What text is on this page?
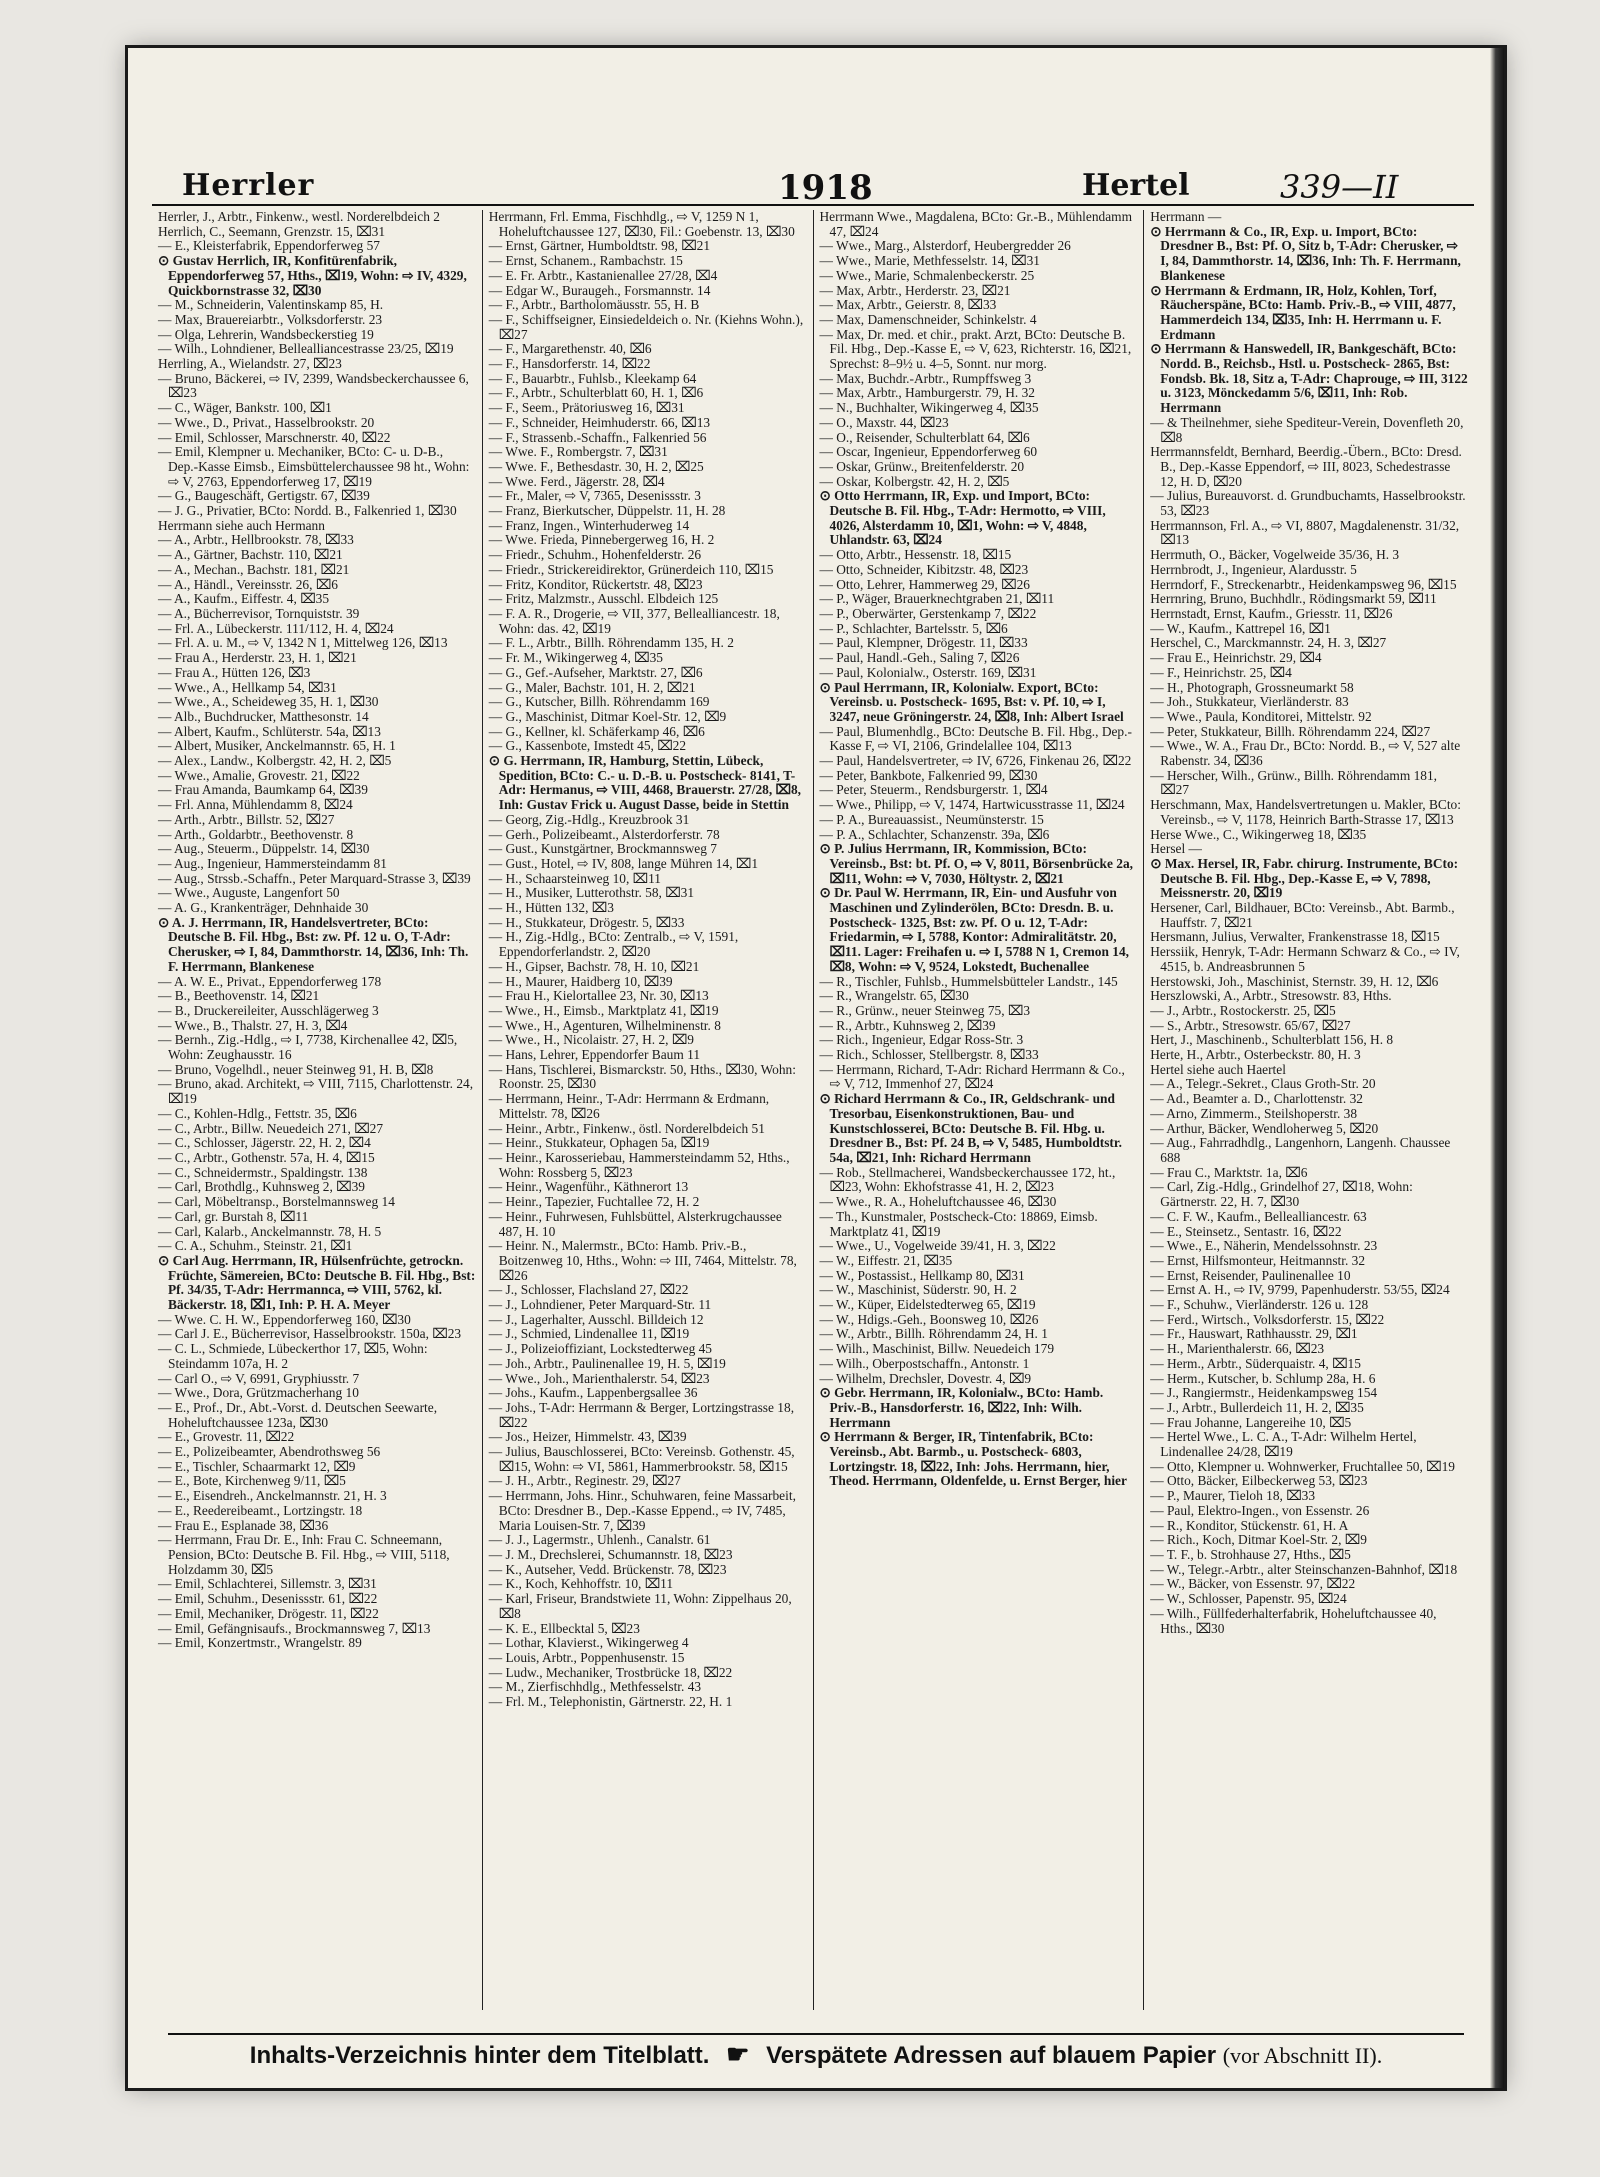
Herrler	1918	Hertel	339—II

Herrler, J., Arbtr., Finkenw., westl. Norderelbdeich 2

Herrlich, C., Seemann, Grenzstr. 15, ⌧31

— E., Kleisterfabrik, Eppendorferweg 57

⊙ Gustav Herrlich, IR, Konfitürenfabrik, Eppendorferweg 57, Hths., ⌧19, Wohn: ⇨ IV, 4329, Quickbornstrasse 32, ⌧30

— M., Schneiderin, Valentinskamp 85, H.

— Max, Brauereiarbtr., Volksdorferstr. 23

— Olga, Lehrerin, Wandsbeckerstieg 19

— Wilh., Lohndiener, Bellealliancestrasse 23/25, ⌧19

Herrling, A., Wielandstr. 27, ⌧23

— Bruno, Bäckerei, ⇨ IV, 2399, Wandsbeckerchaussee 6, ⌧23

— C., Wäger, Bankstr. 100, ⌧1

— Wwe., D., Privat., Hasselbrookstr. 20

— Emil, Schlosser, Marschnerstr. 40, ⌧22

— Emil, Klempner u. Mechaniker, BCto: C- u. D-B., Dep.-Kasse Eimsb., Eimsbüttelerchaussee 98 ht., Wohn: ⇨ V, 2763, Eppendorferweg 17, ⌧19

— G., Baugeschäft, Gertigstr. 67, ⌧39

— J. G., Privatier, BCto: Nordd. B., Falkenried 1, ⌧30

Herrmann siehe auch Hermann

— A., Arbtr., Hellbrookstr. 78, ⌧33

— A., Gärtner, Bachstr. 110, ⌧21

— A., Mechan., Bachstr. 181, ⌧21

— A., Händl., Vereinsstr. 26, ⌧6

— A., Kaufm., Eiffestr. 4, ⌧35

— A., Bücherrevisor, Tornquiststr. 39

— Frl. A., Lübeckerstr. 111/112, H. 4, ⌧24

— Frl. A. u. M., ⇨ V, 1342 N 1, Mittelweg 126, ⌧13

— Frau A., Herderstr. 23, H. 1, ⌧21

— Frau A., Hütten 126, ⌧3

— Wwe., A., Hellkamp 54, ⌧31

— Wwe., A., Scheideweg 35, H. 1, ⌧30

— Alb., Buchdrucker, Matthesonstr. 14

— Albert, Kaufm., Schlüterstr. 54a, ⌧13

— Albert, Musiker, Anckelmannstr. 65, H. 1

— Alex., Landw., Kolbergstr. 42, H. 2, ⌧5

— Wwe., Amalie, Grovestr. 21, ⌧22

— Frau Amanda, Baumkamp 64, ⌧39

— Frl. Anna, Mühlendamm 8, ⌧24

— Arth., Arbtr., Billstr. 52, ⌧27

— Arth., Goldarbtr., Beethovenstr. 8

— Aug., Steuerm., Düppelstr. 14, ⌧30

— Aug., Ingenieur, Hammersteindamm 81

— Aug., Strssb.-Schaffn., Peter Marquard-Strasse 3, ⌧39

— Wwe., Auguste, Langenfort 50

— A. G., Krankenträger, Dehnhaide 30

⊙ A. J. Herrmann, IR, Handelsvertreter, BCto: Deutsche B. Fil. Hbg., Bst: zw. Pf. 12 u. O, T-Adr: Cherusker, ⇨ I, 84, Dammthorstr. 14, ⌧36, Inh: Th. F. Herrmann, Blankenese

— A. W. E., Privat., Eppendorferweg 178

— B., Beethovenstr. 14, ⌧21

— B., Druckereileiter, Ausschlägerweg 3

— Wwe., B., Thalstr. 27, H. 3, ⌧4

— Bernh., Zig.-Hdlg., ⇨ I, 7738, Kirchenallee 42, ⌧5, Wohn: Zeughausstr. 16

— Bruno, Vogelhdl., neuer Steinweg 91, H. B, ⌧8

— Bruno, akad. Architekt, ⇨ VIII, 7115, Charlottenstr. 24, ⌧19

— C., Kohlen-Hdlg., Fettstr. 35, ⌧6

— C., Arbtr., Billw. Neuedeich 271, ⌧27

— C., Schlosser, Jägerstr. 22, H. 2, ⌧4

— C., Arbtr., Gothenstr. 57a, H. 4, ⌧15

— C., Schneidermstr., Spaldingstr. 138

— Carl, Brothdlg., Kuhnsweg 2, ⌧39

— Carl, Möbeltransp., Borstelmannsweg 14

— Carl, gr. Burstah 8, ⌧11

— Carl, Kalarb., Anckelmannstr. 78, H. 5

— C. A., Schuhm., Steinstr. 21, ⌧1

⊙ Carl Aug. Herrmann, IR, Hülsenfrüchte, getrockn. Früchte, Sämereien, BCto: Deutsche B. Fil. Hbg., Bst: Pf. 34/35, T-Adr: Herrmannca, ⇨ VIII, 5762, kl. Bäckerstr. 18, ⌧1, Inh: P. H. A. Meyer

— Wwe. C. H. W., Eppendorferweg 160, ⌧30

— Carl J. E., Bücherrevisor, Hasselbrookstr. 150a, ⌧23

— C. L., Schmiede, Lübeckerthor 17, ⌧5, Wohn: Steindamm 107a, H. 2

— Carl O., ⇨ V, 6991, Gryphiusstr. 7

— Wwe., Dora, Grützmacherhang 10

— E., Prof., Dr., Abt.-Vorst. d. Deutschen Seewarte, Hoheluftchaussee 123a, ⌧30

— E., Grovestr. 11, ⌧22

— E., Polizeibeamter, Abendrothsweg 56

— E., Tischler, Schaarmarkt 12, ⌧9

— E., Bote, Kirchenweg 9/11, ⌧5

— E., Eisendreh., Anckelmannstr. 21, H. 3

— E., Reedereibeamt., Lortzingstr. 18

— Frau E., Esplanade 38, ⌧36

— Herrmann, Frau Dr. E., Inh: Frau C. Schneemann, Pension, BCto: Deutsche B. Fil. Hbg., ⇨ VIII, 5118, Holzdamm 30, ⌧5

— Emil, Schlachterei, Sillemstr. 3, ⌧31

— Emil, Schuhm., Desenissstr. 61, ⌧22

— Emil, Mechaniker, Drögestr. 11, ⌧22

— Emil, Gefängnisaufs., Brockmannsweg 7, ⌧13

— Emil, Konzertmstr., Wrangelstr. 89

Herrmann, Frl. Emma, Fischhdlg., ⇨ V, 1259 N 1, Hoheluftchaussee 127, ⌧30, Fil.: Goebenstr. 13, ⌧30

— Ernst, Gärtner, Humboldtstr. 98, ⌧21

— Ernst, Schanem., Rambachstr. 15

— E. Fr. Arbtr., Kastanienallee 27/28, ⌧4

— Edgar W., Buraugeh., Forsmannstr. 14

— F., Arbtr., Bartholomäusstr. 55, H. B

— F., Schiffseigner, Einsiedeldeich o. Nr. (Kiehns Wohn.), ⌧27

— F., Margarethenstr. 40, ⌧6

— F., Hansdorferstr. 14, ⌧22

— F., Bauarbtr., Fuhlsb., Kleekamp 64

— F., Arbtr., Schulterblatt 60, H. 1, ⌧6

— F., Seem., Prätoriusweg 16, ⌧31

— F., Schneider, Heimhuderstr. 66, ⌧13

— F., Strassenb.-Schaffn., Falkenried 56

— Wwe. F., Rombergstr. 7, ⌧31

— Wwe. F., Bethesdastr. 30, H. 2, ⌧25

— Wwe. Ferd., Jägerstr. 28, ⌧4

— Fr., Maler, ⇨ V, 7365, Desenissstr. 3

— Franz, Bierkutscher, Düppelstr. 11, H. 28

— Franz, Ingen., Winterhuderweg 14

— Wwe. Frieda, Pinnebergerweg 16, H. 2

— Friedr., Schuhm., Hohenfelderstr. 26

— Friedr., Strickereidirektor, Grünerdeich 110, ⌧15

— Fritz, Konditor, Rückertstr. 48, ⌧23

— Fritz, Malzmstr., Ausschl. Elbdeich 125

— F. A. R., Drogerie, ⇨ VII, 377, Bellealliancestr. 18, Wohn: das. 42, ⌧19

— F. L., Arbtr., Billh. Röhrendamm 135, H. 2

— Fr. M., Wikingerweg 4, ⌧35

— G., Gef.-Aufseher, Marktstr. 27, ⌧6

— G., Maler, Bachstr. 101, H. 2, ⌧21

— G., Kutscher, Billh. Röhrendamm 169

— G., Maschinist, Ditmar Koel-Str. 12, ⌧9

— G., Kellner, kl. Schäferkamp 46, ⌧6

— G., Kassenbote, Imstedt 45, ⌧22

⊙ G. Herrmann, IR, Hamburg, Stettin, Lübeck, Spedition, BCto: C.- u. D.-B. u. Postscheck- 8141, T-Adr: Hermanus, ⇨ VIII, 4468, Brauerstr. 27/28, ⌧8, Inh: Gustav Frick u. August Dasse, beide in Stettin

— Georg, Zig.-Hdlg., Kreuzbrook 31

— Gerh., Polizeibeamt., Alsterdorferstr. 78

— Gust., Kunstgärtner, Brockmannsweg 7

— Gust., Hotel, ⇨ IV, 808, lange Mühren 14, ⌧1

— H., Schaarsteinweg 10, ⌧11

— H., Musiker, Lutterothstr. 58, ⌧31

— H., Hütten 132, ⌧3

— H., Stukkateur, Drögestr. 5, ⌧33

— H., Zig.-Hdlg., BCto: Zentralb., ⇨ V, 1591, Eppendorferlandstr. 2, ⌧20

— H., Gipser, Bachstr. 78, H. 10, ⌧21

— H., Maurer, Haidberg 10, ⌧39

— Frau H., Kielortallee 23, Nr. 30, ⌧13

— Wwe., H., Eimsb., Marktplatz 41, ⌧19

— Wwe., H., Agenturen, Wilhelminenstr. 8

— Wwe., H., Nicolaistr. 27, H. 2, ⌧9

— Hans, Lehrer, Eppendorfer Baum 11

— Hans, Tischlerei, Bismarckstr. 50, Hths., ⌧30, Wohn: Roonstr. 25, ⌧30

— Herrmann, Heinr., T-Adr: Herrmann & Erdmann, Mittelstr. 78, ⌧26

— Heinr., Arbtr., Finkenw., östl. Norderelbdeich 51

— Heinr., Stukkateur, Ophagen 5a, ⌧19

— Heinr., Karosseriebau, Hammersteindamm 52, Hths., Wohn: Rossberg 5, ⌧23

— Heinr., Wagenführ., Käthnerort 13

— Heinr., Tapezier, Fuchtallee 72, H. 2

— Heinr., Fuhrwesen, Fuhlsbüttel, Alsterkrugchaussee 487, H. 10

— Heinr. N., Malermstr., BCto: Hamb. Priv.-B., Boitzenweg 10, Hths., Wohn: ⇨ III, 7464, Mittelstr. 78, ⌧26

— J., Schlosser, Flachsland 27, ⌧22

— J., Lohndiener, Peter Marquard-Str. 11

— J., Lagerhalter, Ausschl. Billdeich 12

— J., Schmied, Lindenallee 11, ⌧19

— J., Polizeioffiziant, Lockstedterweg 45

— Joh., Arbtr., Paulinenallee 19, H. 5, ⌧19

— Wwe., Joh., Marienthalerstr. 54, ⌧23

— Johs., Kaufm., Lappenbergsallee 36

— Johs., T-Adr: Herrmann & Berger, Lortzingstrasse 18, ⌧22

— Jos., Heizer, Himmelstr. 43, ⌧39

— Julius, Bauschlosserei, BCto: Vereinsb. Gothenstr. 45, ⌧15, Wohn: ⇨ VI, 5861, Hammerbrookstr. 58, ⌧15

— J. H., Arbtr., Reginestr. 29, ⌧27

— Herrmann, Johs. Hinr., Schuhwaren, feine Massarbeit, BCto: Dresdner B., Dep.-Kasse Eppend., ⇨ IV, 7485, Maria Louisen-Str. 7, ⌧39

— J. J., Lagermstr., Uhlenh., Canalstr. 61

— J. M., Drechslerei, Schumannstr. 18, ⌧23

— K., Autseher, Vedd. Brückenstr. 78, ⌧23

— K., Koch, Kehhoffstr. 10, ⌧11

— Karl, Friseur, Brandstwiete 11, Wohn: Zippelhaus 20, ⌧8

— K. E., Ellbecktal 5, ⌧23

— Lothar, Klavierst., Wikingerweg 4

— Louis, Arbtr., Poppenhusenstr. 15

— Ludw., Mechaniker, Trostbrücke 18, ⌧22

— M., Zierfischhdlg., Methfesselstr. 43

— Frl. M., Telephonistin, Gärtnerstr. 22, H. 1

Herrmann Wwe., Magdalena, BCto: Gr.-B., Mühlendamm 47, ⌧24

— Wwe., Marg., Alsterdorf, Heubergredder 26

— Wwe., Marie, Methfesselstr. 14, ⌧31

— Wwe., Marie, Schmalenbeckerstr. 25

— Max, Arbtr., Herderstr. 23, ⌧21

— Max, Arbtr., Geierstr. 8, ⌧33

— Max, Damenschneider, Schinkelstr. 4

— Max, Dr. med. et chir., prakt. Arzt, BCto: Deutsche B. Fil. Hbg., Dep.-Kasse E, ⇨ V, 623, Richterstr. 16, ⌧21, Sprechst: 8–9½ u. 4–5, Sonnt. nur morg.

— Max, Buchdr.-Arbtr., Rumpffsweg 3

— Max, Arbtr., Hamburgerstr. 79, H. 32

— N., Buchhalter, Wikingerweg 4, ⌧35

— O., Maxstr. 44, ⌧23

— O., Reisender, Schulterblatt 64, ⌧6

— Oscar, Ingenieur, Eppendorferweg 60

— Oskar, Grünw., Breitenfelderstr. 20

— Oskar, Kolbergstr. 42, H. 2, ⌧5

⊙ Otto Herrmann, IR, Exp. und Import, BCto: Deutsche B. Fil. Hbg., T-Adr: Hermotto, ⇨ VIII, 4026, Alsterdamm 10, ⌧1, Wohn: ⇨ V, 4848, Uhlandstr. 63, ⌧24

— Otto, Arbtr., Hessenstr. 18, ⌧15

— Otto, Schneider, Kibitzstr. 48, ⌧23

— Otto, Lehrer, Hammerweg 29, ⌧26

— P., Wäger, Brauerknechtgraben 21, ⌧11

— P., Oberwärter, Gerstenkamp 7, ⌧22

— P., Schlachter, Bartelsstr. 5, ⌧6

— Paul, Klempner, Drögestr. 11, ⌧33

— Paul, Handl.-Geh., Saling 7, ⌧26

— Paul, Kolonialw., Osterstr. 169, ⌧31

⊙ Paul Herrmann, IR, Kolonialw. Export, BCto: Vereinsb. u. Postscheck- 1695, Bst: v. Pf. 10, ⇨ I, 3247, neue Gröningerstr. 24, ⌧8, Inh: Albert Israel

— Paul, Blumenhdlg., BCto: Deutsche B. Fil. Hbg., Dep.-Kasse F, ⇨ VI, 2106, Grindelallee 104, ⌧13

— Paul, Handelsvertreter, ⇨ IV, 6726, Finkenau 26, ⌧22

— Peter, Bankbote, Falkenried 99, ⌧30

— Peter, Steuerm., Rendsburgerstr. 1, ⌧4

— Wwe., Philipp, ⇨ V, 1474, Hartwicusstrasse 11, ⌧24

— P. A., Bureauassist., Neumünsterstr. 15

— P. A., Schlachter, Schanzenstr. 39a, ⌧6

⊙ P. Julius Herrmann, IR, Kommission, BCto: Vereinsb., Bst: bt. Pf. O, ⇨ V, 8011, Börsenbrücke 2a, ⌧11, Wohn: ⇨ V, 7030, Höltystr. 2, ⌧21

⊙ Dr. Paul W. Herrmann, IR, Ein- und Ausfuhr von Maschinen und Zylinderölen, BCto: Dresdn. B. u. Postscheck- 1325, Bst: zw. Pf. O u. 12, T-Adr: Friedarmin, ⇨ I, 5788, Kontor: Admiralitätstr. 20, ⌧11. Lager: Freihafen u. ⇨ I, 5788 N 1, Cremon 14, ⌧8, Wohn: ⇨ V, 9524, Lokstedt, Buchenallee

— R., Tischler, Fuhlsb., Hummelsbütteler Landstr., 145

— R., Wrangelstr. 65, ⌧30

— R., Grünw., neuer Steinweg 75, ⌧3

— R., Arbtr., Kuhnsweg 2, ⌧39

— Rich., Ingenieur, Edgar Ross-Str. 3

— Rich., Schlosser, Stellbergstr. 8, ⌧33

— Herrmann, Richard, T-Adr: Richard Herrmann & Co., ⇨ V, 712, Immenhof 27, ⌧24

⊙ Richard Herrmann & Co., IR, Geldschrank- und Tresorbau, Eisenkonstruktionen, Bau- und Kunstschlosserei, BCto: Deutsche B. Fil. Hbg. u. Dresdner B., Bst: Pf. 24 B, ⇨ V, 5485, Humboldtstr. 54a, ⌧21, Inh: Richard Herrmann

— Rob., Stellmacherei, Wandsbeckerchaussee 172, ht., ⌧23, Wohn: Ekhofstrasse 41, H. 2, ⌧23

— Wwe., R. A., Hoheluftchaussee 46, ⌧30

— Th., Kunstmaler, Postscheck-Cto: 18869, Eimsb. Marktplatz 41, ⌧19

— Wwe., U., Vogelweide 39/41, H. 3, ⌧22

— W., Eiffestr. 21, ⌧35

— W., Postassist., Hellkamp 80, ⌧31

— W., Maschinist, Süderstr. 90, H. 2

— W., Küper, Eidelstedterweg 65, ⌧19

— W., Hdigs.-Geh., Boonsweg 10, ⌧26

— W., Arbtr., Billh. Röhrendamm 24, H. 1

— Wilh., Maschinist, Billw. Neuedeich 179

— Wilh., Oberpostschaffn., Antonstr. 1

— Wilhelm, Drechsler, Dovestr. 4, ⌧9

⊙ Gebr. Herrmann, IR, Kolonialw., BCto: Hamb. Priv.-B., Hansdorferstr. 16, ⌧22, Inh: Wilh. Herrmann

⊙ Herrmann & Berger, IR, Tintenfabrik, BCto: Vereinsb., Abt. Barmb., u. Postscheck- 6803, Lortzingstr. 18, ⌧22, Inh: Johs. Herrmann, hier, Theod. Herrmann, Oldenfelde, u. Ernst Berger, hier

Herrmann —

⊙ Herrmann & Co., IR, Exp. u. Import, BCto: Dresdner B., Bst: Pf. O, Sitz b, T-Adr: Cherusker, ⇨ I, 84, Dammthorstr. 14, ⌧36, Inh: Th. F. Herrmann, Blankenese

⊙ Herrmann & Erdmann, IR, Holz, Kohlen, Torf, Räucherspäne, BCto: Hamb. Priv.-B., ⇨ VIII, 4877, Hammerdeich 134, ⌧35, Inh: H. Herrmann u. F. Erdmann

⊙ Herrmann & Hanswedell, IR, Bankgeschäft, BCto: Nordd. B., Reichsb., Hstl. u. Postscheck- 2865, Bst: Fondsb. Bk. 18, Sitz a, T-Adr: Chaprouge, ⇨ III, 3122 u. 3123, Mönckedamm 5/6, ⌧11, Inh: Rob. Herrmann

— & Theilnehmer, siehe Spediteur-Verein, Dovenfleth 20, ⌧8

Herrmannsfeldt, Bernhard, Beerdig.-Übern., BCto: Dresd. B., Dep.-Kasse Eppendorf, ⇨ III, 8023, Schedestrasse 12, H. D, ⌧20

— Julius, Bureauvorst. d. Grundbuchamts, Hasselbrookstr. 53, ⌧23

Herrmannson, Frl. A., ⇨ VI, 8807, Magdalenenstr. 31/32, ⌧13

Herrmuth, O., Bäcker, Vogelweide 35/36, H. 3

Herrnbrodt, J., Ingenieur, Alardusstr. 5

Herrndorf, F., Streckenarbtr., Heidenkampsweg 96, ⌧15

Herrnring, Bruno, Buchhdlr., Rödingsmarkt 59, ⌧11

Herrnstadt, Ernst, Kaufm., Griesstr. 11, ⌧26

— W., Kaufm., Kattrepel 16, ⌧1

Herschel, C., Marckmannstr. 24, H. 3, ⌧27

— Frau E., Heinrichstr. 29, ⌧4

— F., Heinrichstr. 25, ⌧4

— H., Photograph, Grossneumarkt 58

— Joh., Stukkateur, Vierländerstr. 83

— Wwe., Paula, Konditorei, Mittelstr. 92

— Peter, Stukkateur, Billh. Röhrendamm 224, ⌧27

— Wwe., W. A., Frau Dr., BCto: Nordd. B., ⇨ V, 527 alte Rabenstr. 34, ⌧36

— Herscher, Wilh., Grünw., Billh. Röhrendamm 181, ⌧27

Herschmann, Max, Handelsvertretungen u. Makler, BCto: Vereinsb., ⇨ V, 1178, Heinrich Barth-Strasse 17, ⌧13

Herse Wwe., C., Wikingerweg 18, ⌧35

Hersel —

⊙ Max. Hersel, IR, Fabr. chirurg. Instrumente, BCto: Deutsche B. Fil. Hbg., Dep.-Kasse E, ⇨ V, 7898, Meissnerstr. 20, ⌧19

Hersener, Carl, Bildhauer, BCto: Vereinsb., Abt. Barmb., Hauffstr. 7, ⌧21

Hersmann, Julius, Verwalter, Frankenstrasse 18, ⌧15

Herssiik, Henryk, T-Adr: Hermann Schwarz & Co., ⇨ IV, 4515, b. Andreasbrunnen 5

Herstowski, Joh., Maschinist, Sternstr. 39, H. 12, ⌧6

Herszlowski, A., Arbtr., Stresowstr. 83, Hths.

— J., Arbtr., Rostockerstr. 25, ⌧5

— S., Arbtr., Stresowstr. 65/67, ⌧27

Hert, J., Maschinenb., Schulterblatt 156, H. 8

Herte, H., Arbtr., Osterbeckstr. 80, H. 3

Hertel siehe auch Haertel

— A., Telegr.-Sekret., Claus Groth-Str. 20

— Ad., Beamter a. D., Charlottenstr. 32

— Arno, Zimmerm., Steilshoperstr. 38

— Arthur, Bäcker, Wendloherweg 5, ⌧20

— Aug., Fahrradhdlg., Langenhorn, Langenh. Chaussee 688

— Frau C., Marktstr. 1a, ⌧6

— Carl, Zig.-Hdlg., Grindelhof 27, ⌧18, Wohn: Gärtnerstr. 22, H. 7, ⌧30

— C. F. W., Kaufm., Bellealliancestr. 63

— E., Steinsetz., Sentastr. 16, ⌧22

— Wwe., E., Näherin, Mendelssohnstr. 23

— Ernst, Hilfsmonteur, Heitmannstr. 32

— Ernst, Reisender, Paulinenallee 10

— Ernst A. H., ⇨ IV, 9799, Papenhuderstr. 53/55, ⌧24

— F., Schuhw., Vierländerstr. 126 u. 128

— Ferd., Wirtsch., Volksdorferstr. 15, ⌧22

— Fr., Hauswart, Rathhausstr. 29, ⌧1

— H., Marienthalerstr. 66, ⌧23

— Herm., Arbtr., Süderquaistr. 4, ⌧15

— Herm., Kutscher, b. Schlump 28a, H. 6

— J., Rangiermstr., Heidenkampsweg 154

— J., Arbtr., Bullerdeich 11, H. 2, ⌧35

— Frau Johanne, Langereihe 10, ⌧5

— Hertel Wwe., L. C. A., T-Adr: Wilhelm Hertel, Lindenallee 24/28, ⌧19

— Otto, Klempner u. Wohnwerker, Fruchtallee 50, ⌧19

— Otto, Bäcker, Eilbeckerweg 53, ⌧23

— P., Maurer, Tieloh 18, ⌧33

— Paul, Elektro-Ingen., von Essenstr. 26

— R., Konditor, Stückenstr. 61, H. A

— Rich., Koch, Ditmar Koel-Str. 2, ⌧9

— T. F., b. Strohhause 27, Hths., ⌧5

— W., Telegr.-Arbtr., alter Steinschanzen-Bahnhof, ⌧18

— W., Bäcker, von Essenstr. 97, ⌧22

— W., Schlosser, Papenstr. 95, ⌧24

— Wilh., Füllfederhalterfabrik, Hoheluftchaussee 40, Hths., ⌧30

Inhalts-Verzeichnis hinter dem Titelblatt. ☛ Verspätete Adressen auf blauem Papier (vor Abschnitt II).
